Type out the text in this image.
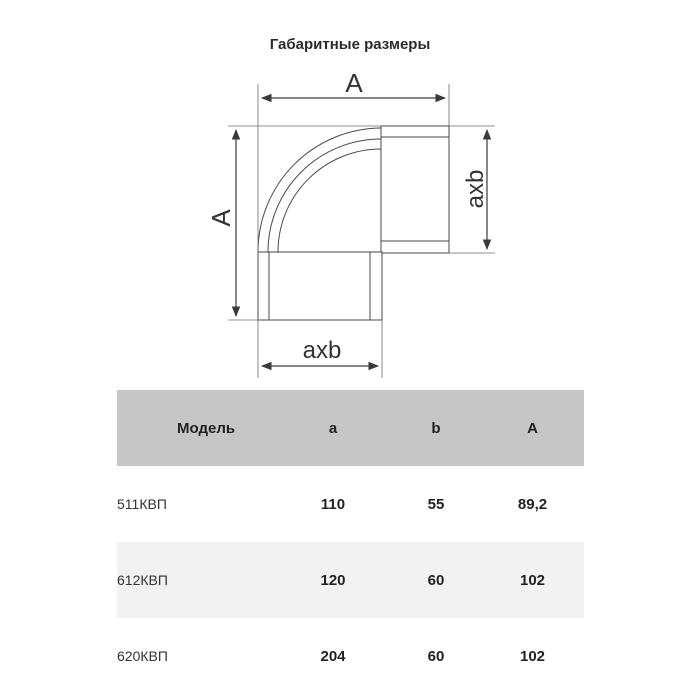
Габаритные размеры
A
A
axb
axb
Модель	a	b	A
511КВП	110	55	89,2
612КВП	120	60	102
620КВП	204	60	102
